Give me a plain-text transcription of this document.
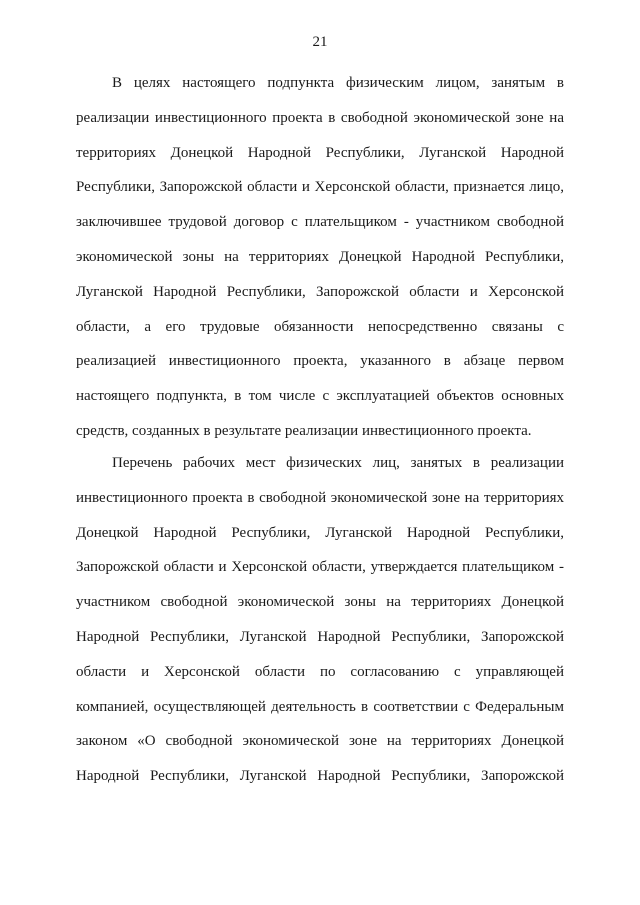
21
В целях настоящего подпункта физическим лицом, занятым в
реализации инвестиционного проекта в свободной экономической зоне на
территориях Донецкой Народной Республики, Луганской Народной
Республики, Запорожской области и Херсонской области, признается лицо,
заключившее трудовой договор с плательщиком - участником свободной
экономической зоны на территориях Донецкой Народной Республики,
Луганской Народной Республики, Запорожской области и Херсонской
области, а его трудовые обязанности непосредственно связаны с
реализацией инвестиционного проекта, указанного в абзаце первом
настоящего подпункта, в том числе с эксплуатацией объектов основных
средств, созданных в результате реализации инвестиционного проекта.
Перечень рабочих мест физических лиц, занятых в реализации
инвестиционного проекта в свободной экономической зоне на территориях
Донецкой Народной Республики, Луганской Народной Республики,
Запорожской области и Херсонской области, утверждается плательщиком -
участником свободной экономической зоны на территориях Донецкой
Народной Республики, Луганской Народной Республики, Запорожской
области и Херсонской области по согласованию с управляющей
компанией, осуществляющей деятельность в соответствии с Федеральным
законом «О свободной экономической зоне на территориях Донецкой
Народной Республики, Луганской Народной Республики, Запорожской
